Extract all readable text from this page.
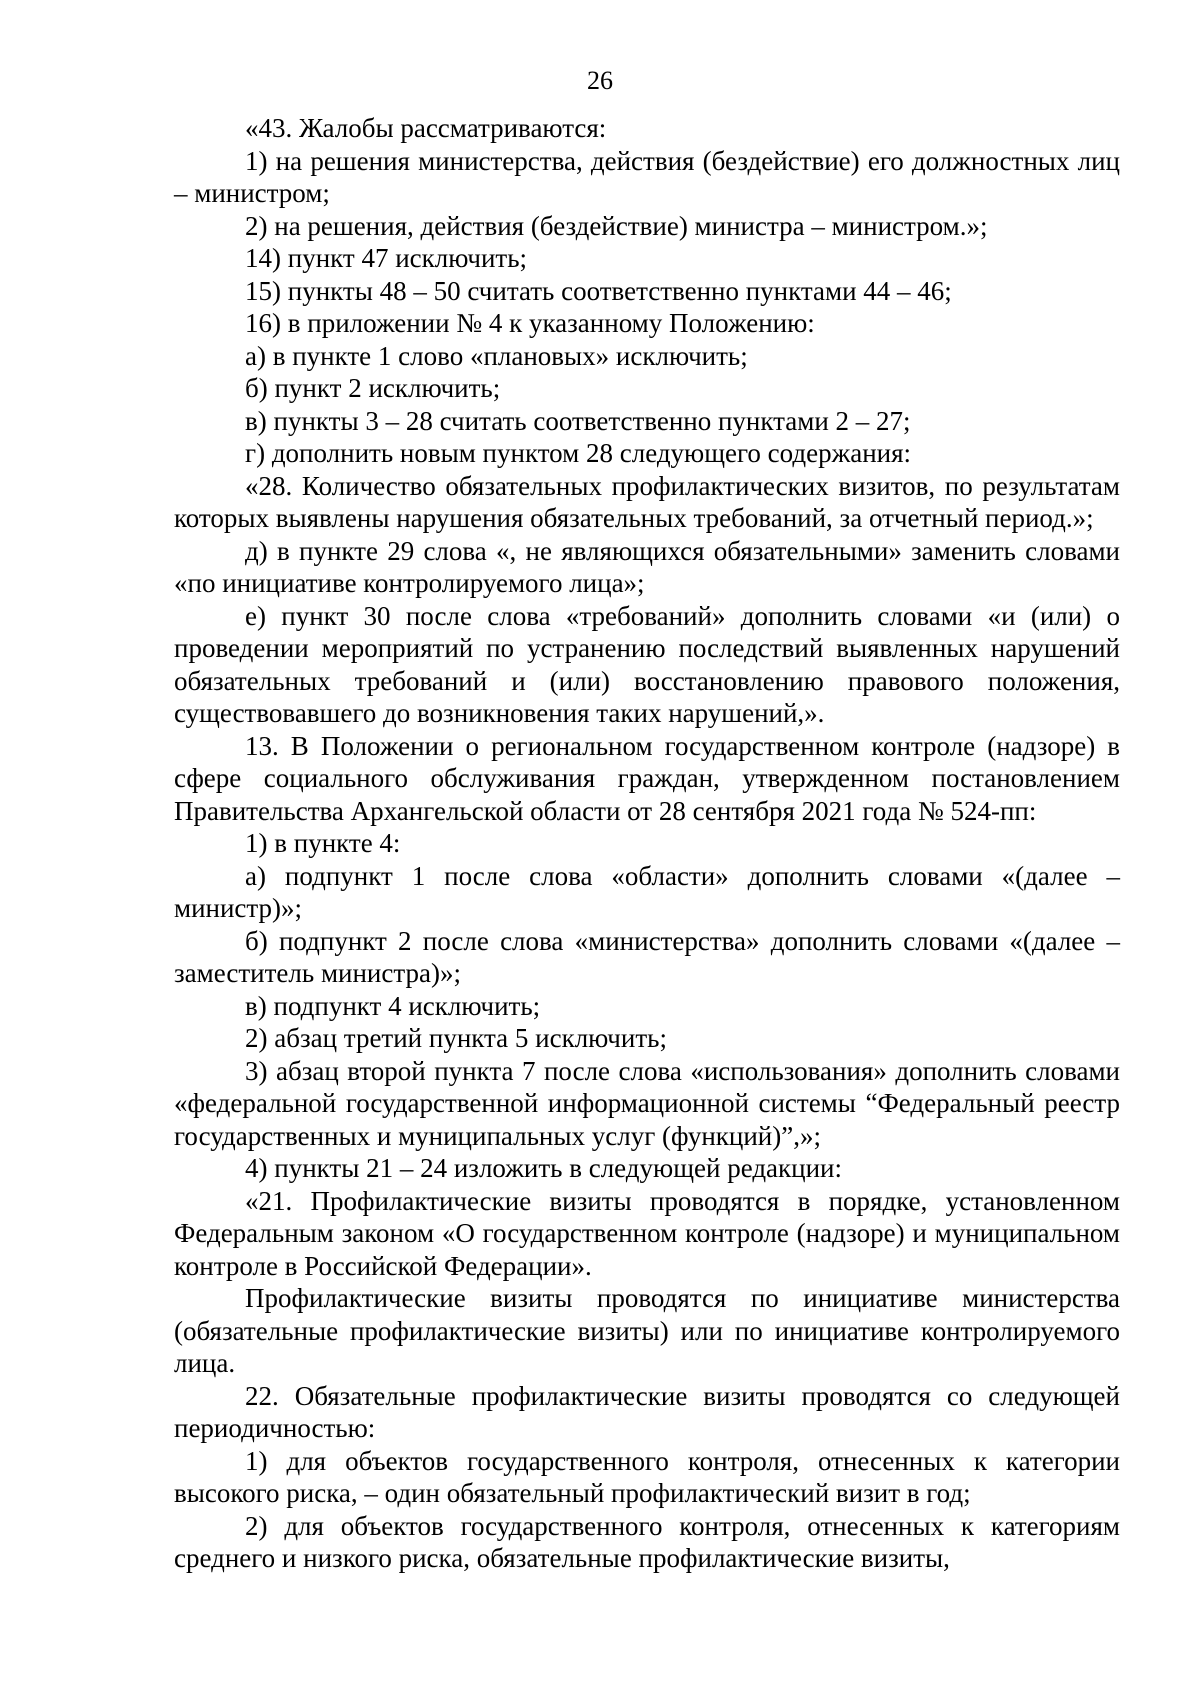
26

«43. Жалобы рассматриваются:

1) на решения министерства, действия (бездействие) его должностных лиц – министром;

2) на решения, действия (бездействие) министра – министром.»;

14) пункт 47 исключить;

15) пункты 48 – 50 считать соответственно пунктами 44 – 46;

16) в приложении № 4 к указанному Положению:

а) в пункте 1 слово «плановых» исключить;

б) пункт 2 исключить;

в) пункты 3 – 28 считать соответственно пунктами 2 – 27;

г) дополнить новым пунктом 28 следующего содержания:

«28. Количество обязательных профилактических визитов, по результатам которых выявлены нарушения обязательных требований, за отчетный период.»;

д) в пункте 29 слова «, не являющихся обязательными» заменить словами «по инициативе контролируемого лица»;

е) пункт 30 после слова «требований» дополнить словами «и (или) о проведении мероприятий по устранению последствий выявленных нарушений обязательных требований и (или) восстановлению правового положения, существовавшего до возникновения таких нарушений,».

13. В Положении о региональном государственном контроле (надзоре) в сфере социального обслуживания граждан, утвержденном постановлением Правительства Архангельской области от 28 сентября 2021 года № 524-пп:

1) в пункте 4:

а) подпункт 1 после слова «области» дополнить словами «(далее – министр)»;

б) подпункт 2 после слова «министерства» дополнить словами «(далее – заместитель министра)»;

в) подпункт 4 исключить;

2) абзац третий пункта 5 исключить;

3) абзац второй пункта 7 после слова «использования» дополнить словами «федеральной государственной информационной системы “Федеральный реестр государственных и муниципальных услуг (функций)”,»;

4) пункты 21 – 24 изложить в следующей редакции:

«21. Профилактические визиты проводятся в порядке, установленном Федеральным законом «О государственном контроле (надзоре) и муниципальном контроле в Российской Федерации».

Профилактические визиты проводятся по инициативе министерства (обязательные профилактические визиты) или по инициативе контролируемого лица.

22. Обязательные профилактические визиты проводятся со следующей периодичностью:

1) для объектов государственного контроля, отнесенных к категории высокого риска, – один обязательный профилактический визит в год;

2) для объектов государственного контроля, отнесенных к категориям среднего и низкого риска, обязательные профилактические визиты,
